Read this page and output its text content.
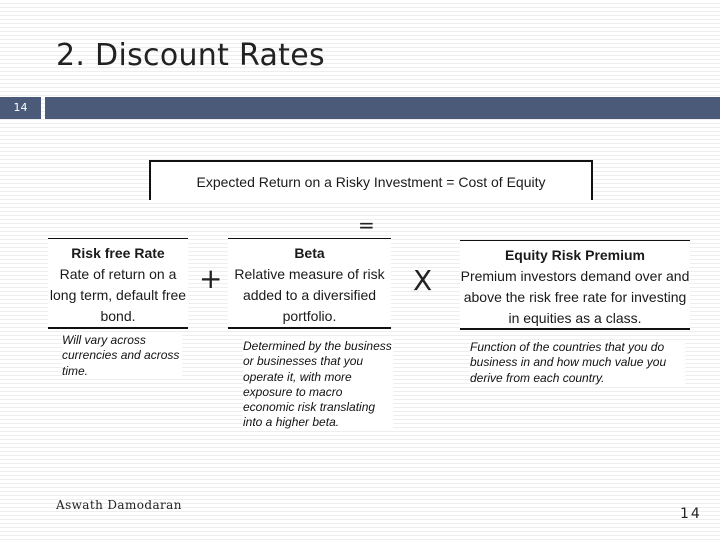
2. Discount Rates
14
Expected Return on a Risky Investment = Cost of Equity
=
Risk free Rate
Rate of return on a long term, default free bond.
+
Beta
Relative measure of risk added to a diversified portfolio.
X
Equity Risk Premium
Premium investors demand over and above the risk free rate for investing in equities as a class.
Will vary across currencies and across time.
Determined by the business or businesses that you operate it, with more exposure to macro economic risk translating into a higher beta.
Function of the countries that you do business in and how much value you derive from each country.
Aswath Damodaran
14
